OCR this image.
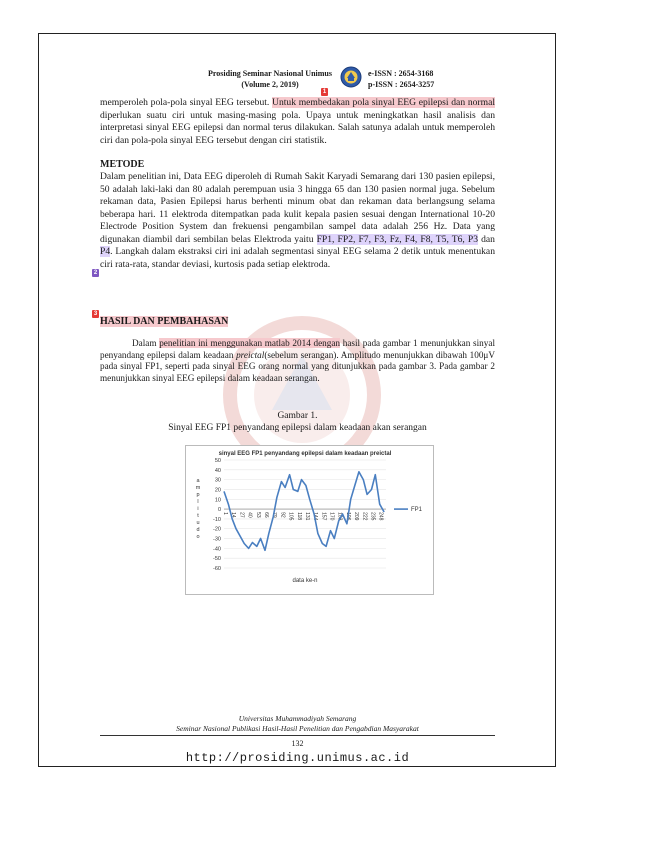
Prosiding Seminar Nasional Unimus
(Volume 2, 2019)
e-ISSN : 2654-3168
p-ISSN : 2654-3257
1
2
3
memperoleh pola-pola sinyal EEG tersebut. Untuk membedakan pola sinyal EEG epilepsi dan normal diperlukan suatu ciri untuk masing-masing pola. Upaya untuk meningkatkan hasil analisis dan interpretasi sinyal EEG epilepsi dan normal terus dilakukan. Salah satunya adalah untuk memperoleh ciri dan pola-pola sinyal EEG tersebut dengan ciri statistik.
METODE
Dalam penelitian ini, Data EEG diperoleh di Rumah Sakit Karyadi Semarang dari 130 pasien epilepsi, 50 adalah laki-laki dan 80 adalah perempuan usia 3 hingga 65 dan 130 pasien normal juga. Sebelum rekaman data, Pasien Epilepsi harus berhenti minum obat dan rekaman data berlangsung selama beberapa hari. 11 elektroda ditempatkan pada kulit kepala pasien sesuai dengan International 10-20 Electrode Position System dan frekuensi pengambilan sampel data adalah 256 Hz. Data yang digunakan diambil dari sembilan belas Elektroda yaitu FP1, FP2, F7, F3, Fz, F4, F8, T5, T6, P3 dan P4. Langkah dalam ekstraksi ciri ini adalah segmentasi sinyal EEG selama 2 detik untuk menentukan ciri rata-rata, standar deviasi, kurtosis pada setiap elektroda.
HASIL DAN PEMBAHASAN
Dalam penelitian ini menggunakan matlab 2014 dengan hasil pada gambar 1 menunjukkan sinyal penyandang epilepsi dalam keadaan preictal(sebelum serangan). Amplitudo menunjukkan dibawah 100μV pada sinyal FP1, seperti pada sinyal EEG orang normal yang ditunjukkan pada gambar 3. Pada gambar 2 menunjukkan sinyal EEG epilepsi dalam keadaan serangan.
Gambar 1.
Sinyal EEG FP1 penyandang epilepsi dalam keadaan akan serangan
sinyal EEG FP1 penyandang epilepsi dalam keadaan preictal
50
40
30
20
10
0
-10
-20
-30
-40
-50
-60
a
m
p
l
i
t
u
d
o
1 14 27 40 53 66 79 92 105 118 131 144 157 170 183 196 209 222 235 248
data ke-n
FP1
Universitas Muhammadiyah Semarang
Seminar Nasional Publikasi Hasil-Hasil Penelitian dan Pengabdian Masyarakat
132
http://prosiding.unimus.ac.id
